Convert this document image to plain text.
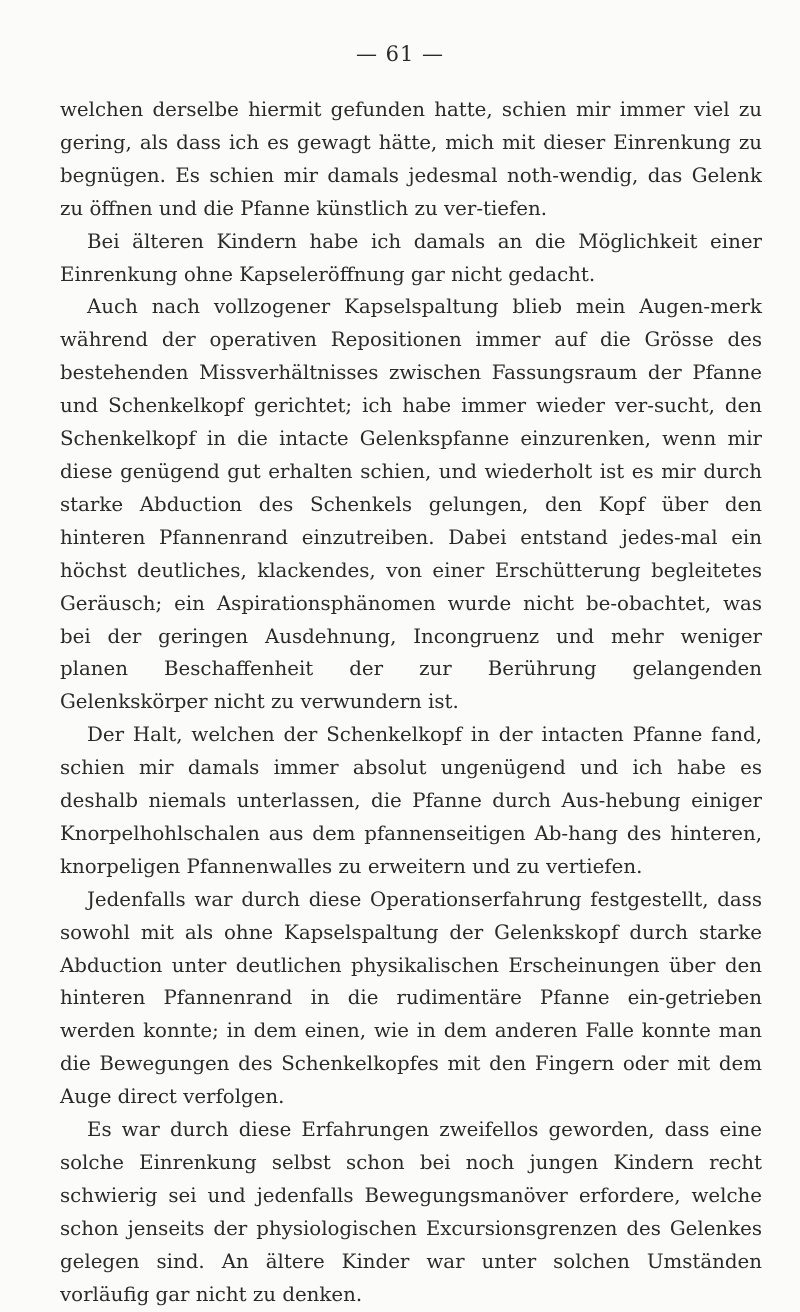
— 61 —

welchen derselbe hiermit gefunden hatte, schien mir immer viel zu gering, als dass ich es gewagt hätte, mich mit dieser Einrenkung zu begnügen. Es schien mir damals jedesmal noth-wendig, das Gelenk zu öffnen und die Pfanne künstlich zu ver-tiefen.

Bei älteren Kindern habe ich damals an die Möglichkeit einer Einrenkung ohne Kapseleröffnung gar nicht gedacht.

Auch nach vollzogener Kapselspaltung blieb mein Augen-merk während der operativen Repositionen immer auf die Grösse des bestehenden Missverhältnisses zwischen Fassungsraum der Pfanne und Schenkelkopf gerichtet; ich habe immer wieder ver-sucht, den Schenkelkopf in die intacte Gelenkspfanne einzurenken, wenn mir diese genügend gut erhalten schien, und wiederholt ist es mir durch starke Abduction des Schenkels gelungen, den Kopf über den hinteren Pfannenrand einzutreiben. Dabei entstand jedes-mal ein höchst deutliches, klackendes, von einer Erschütterung begleitetes Geräusch; ein Aspirationsphänomen wurde nicht be-obachtet, was bei der geringen Ausdehnung, Incongruenz und mehr weniger planen Beschaffenheit der zur Berührung gelangenden Gelenkskörper nicht zu verwundern ist.

Der Halt, welchen der Schenkelkopf in der intacten Pfanne fand, schien mir damals immer absolut ungenügend und ich habe es deshalb niemals unterlassen, die Pfanne durch Aus-hebung einiger Knorpelhohlschalen aus dem pfannenseitigen Ab-hang des hinteren, knorpeligen Pfannenwalles zu erweitern und zu vertiefen.

Jedenfalls war durch diese Operationserfahrung festgestellt, dass sowohl mit als ohne Kapselspaltung der Gelenkskopf durch starke Abduction unter deutlichen physikalischen Erscheinungen über den hinteren Pfannenrand in die rudimentäre Pfanne ein-getrieben werden konnte; in dem einen, wie in dem anderen Falle konnte man die Bewegungen des Schenkelkopfes mit den Fingern oder mit dem Auge direct verfolgen.

Es war durch diese Erfahrungen zweifellos geworden, dass eine solche Einrenkung selbst schon bei noch jungen Kindern recht schwierig sei und jedenfalls Bewegungsmanöver erfordere, welche schon jenseits der physiologischen Excursionsgrenzen des Gelenkes gelegen sind. An ältere Kinder war unter solchen Umständen vorläufig gar nicht zu denken.
